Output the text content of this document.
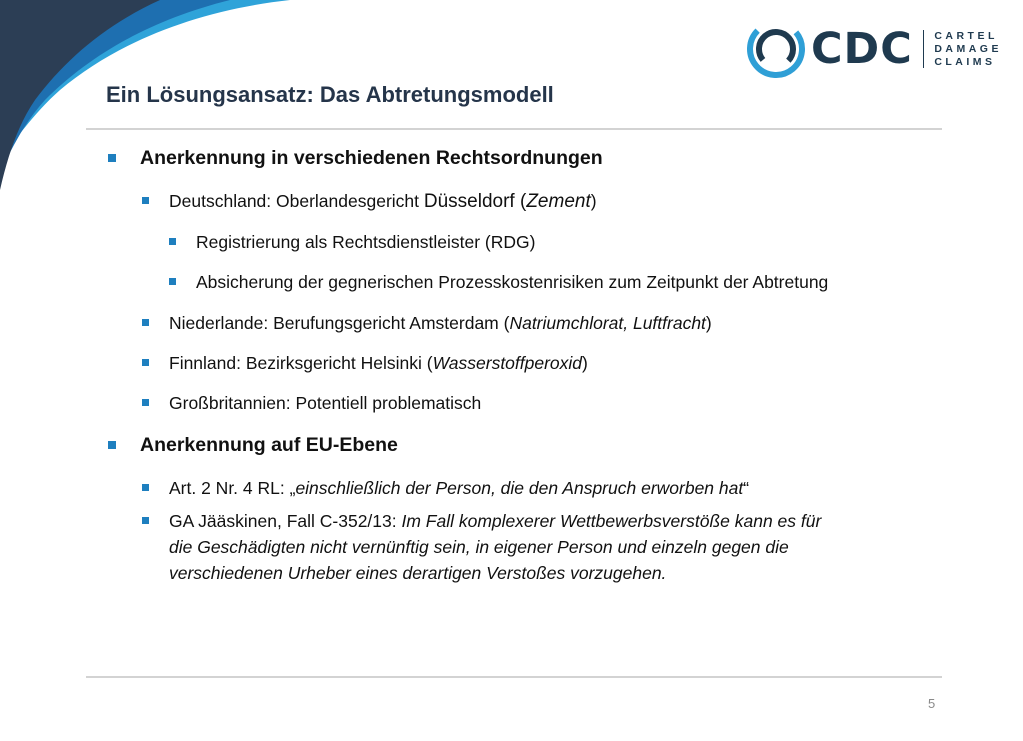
CDC CARTEL
DAMAGE
CLAIMS
Ein Lösungsansatz: Das Abtretungsmodell
Anerkennung in verschiedenen Rechtsordnungen
Deutschland: Oberlandesgericht Düsseldorf (Zement)
Registrierung als Rechtsdienstleister (RDG)
Absicherung der gegnerischen Prozesskostenrisiken zum Zeitpunkt der Abtretung
Niederlande: Berufungsgericht Amsterdam (Natriumchlorat, Luftfracht)
Finnland: Bezirksgericht Helsinki (Wasserstoffperoxid)
Großbritannien: Potentiell problematisch
Anerkennung auf EU-Ebene
Art. 2 Nr. 4 RL: „einschließlich der Person, die den Anspruch erworben hat“
GA Jääskinen, Fall C-352/13: Im Fall komplexerer Wettbewerbsverstöße kann es für
die Geschädigten nicht vernünftig sein, in eigener Person und einzeln gegen die
verschiedenen Urheber eines derartigen Verstoßes vorzugehen.
5
